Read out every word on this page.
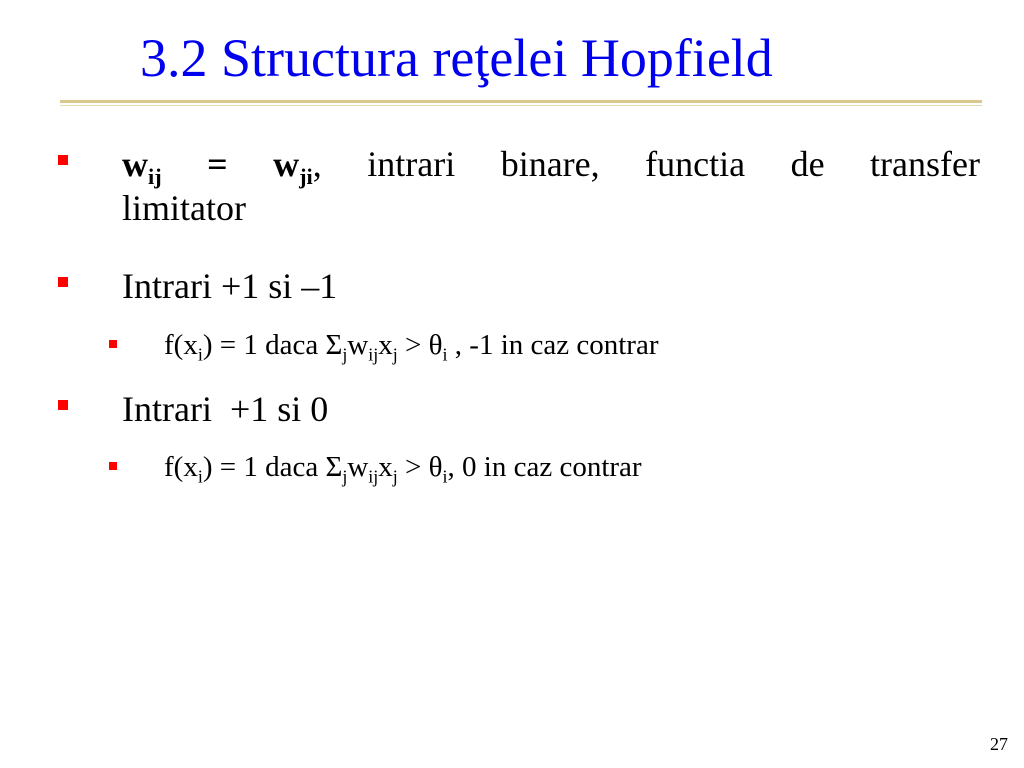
3.2 Structura reţelei Hopfield
$w_{ij} = w_{ji}$, intrari binare, functia de transfer
limitator
Intrari +1 si –1
$f(x_i) = 1$ daca $\Sigma_jw_{ij}x_j > \theta_i$ , -1 in caz contrar
Intrari  +1 si 0
$f(x_i) = 1$ daca $\Sigma_jw_{ij}x_j > \theta_i$, 0 in caz contrar
27
